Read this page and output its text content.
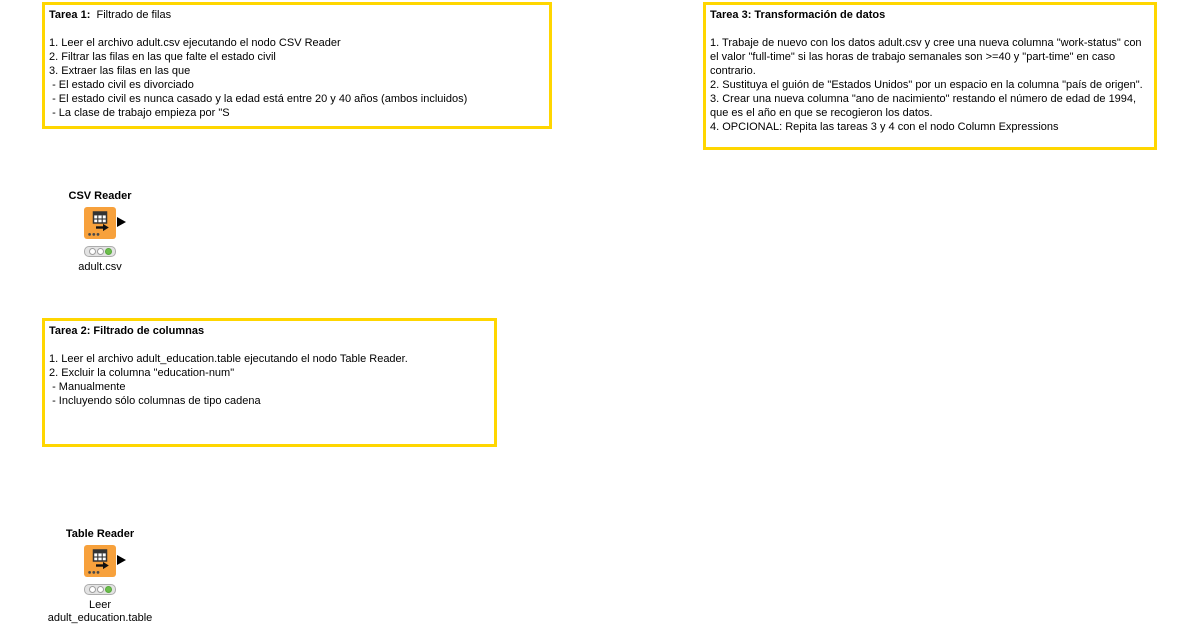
Tarea 1:  Filtrado de filas
1. Leer el archivo adult.csv ejecutando el nodo CSV Reader
2. Filtrar las filas en las que falte el estado civil
3. Extraer las filas en las que
- El estado civil es divorciado
- El estado civil es nunca casado y la edad está entre 20 y 40 años (ambos incluidos)
- La clase de trabajo empieza por "S
Tarea 3: Transformación de datos
1. Trabaje de nuevo con los datos adult.csv y cree una nueva columna "work-status" con el valor "full-time" si las horas de trabajo semanales son >=40 y "part-time" en caso contrario.
2. Sustituya el guión de "Estados Unidos" por un espacio en la columna "país de origen".
3. Crear una nueva columna "ano de nacimiento" restando el número de edad de 1994, que es el año en que se recogieron los datos.
4. OPCIONAL: Repita las tareas 3 y 4 con el nodo Column Expressions
Tarea 2: Filtrado de columnas
1. Leer el archivo adult_education.table ejecutando el nodo Table Reader.
2. Excluir la columna "education-num"
- Manualmente
- Incluyendo sólo columnas de tipo cadena
CSV Reader
adult.csv
Table Reader
Leer
adult_education.table
